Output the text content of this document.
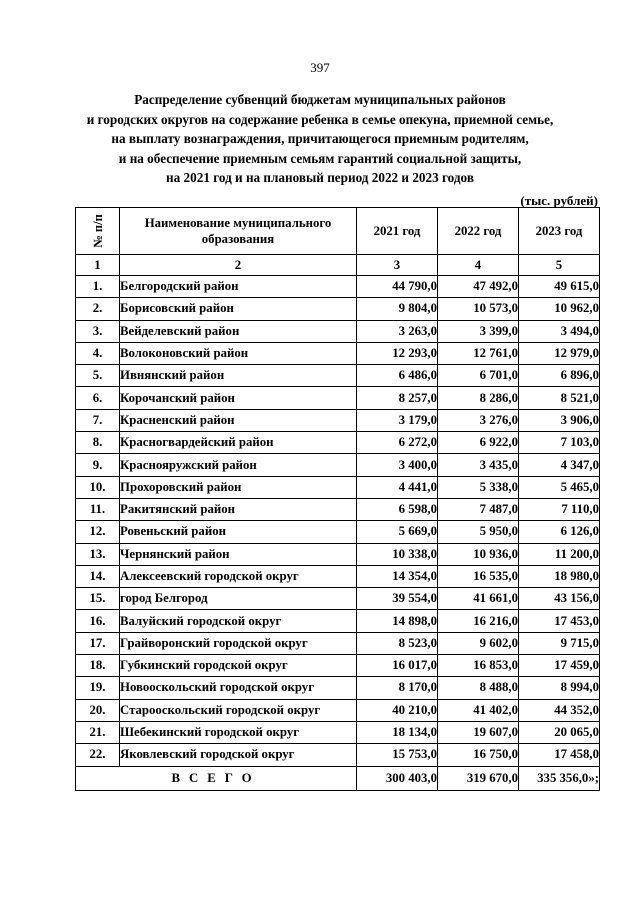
397
Распределение субвенций бюджетам муниципальных районов
и городских округов на содержание ребенка в семье опекуна, приемной семье,
на выплату вознаграждения, причитающегося приемным родителям,
и на обеспечение приемным семьям гарантий социальной защиты,
на 2021 год и на плановый период 2022 и 2023 годов
(тыс. рублей)
№ п/п	Наименование муниципального образования	2021 год	2022 год	2023 год
1	2	3	4	5
1.	Белгородский район	44 790,0	47 492,0	49 615,0
2.	Борисовский район	9 804,0	10 573,0	10 962,0
3.	Вейделевский район	3 263,0	3 399,0	3 494,0
4.	Волоконовский район	12 293,0	12 761,0	12 979,0
5.	Ивнянский район	6 486,0	6 701,0	6 896,0
6.	Корочанский район	8 257,0	8 286,0	8 521,0
7.	Красненский район	3 179,0	3 276,0	3 906,0
8.	Красногвардейский район	6 272,0	6 922,0	7 103,0
9.	Краснояружский район	3 400,0	3 435,0	4 347,0
10.	Прохоровский район	4 441,0	5 338,0	5 465,0
11.	Ракитянский район	6 598,0	7 487,0	7 110,0
12.	Ровеньский район	5 669,0	5 950,0	6 126,0
13.	Чернянский район	10 338,0	10 936,0	11 200,0
14.	Алексеевский городской округ	14 354,0	16 535,0	18 980,0
15.	город Белгород	39 554,0	41 661,0	43 156,0
16.	Валуйский городской округ	14 898,0	16 216,0	17 453,0
17.	Грайворонский городской округ	8 523,0	9 602,0	9 715,0
18.	Губкинский городской округ	16 017,0	16 853,0	17 459,0
19.	Новооскольский городской округ	8 170,0	8 488,0	8 994,0
20.	Старооскольский городской округ	40 210,0	41 402,0	44 352,0
21.	Шебекинский городской округ	18 134,0	19 607,0	20 065,0
22.	Яковлевский городской округ	15 753,0	16 750,0	17 458,0
ВСЕГО		300 403,0	319 670,0	335 356,0»;
